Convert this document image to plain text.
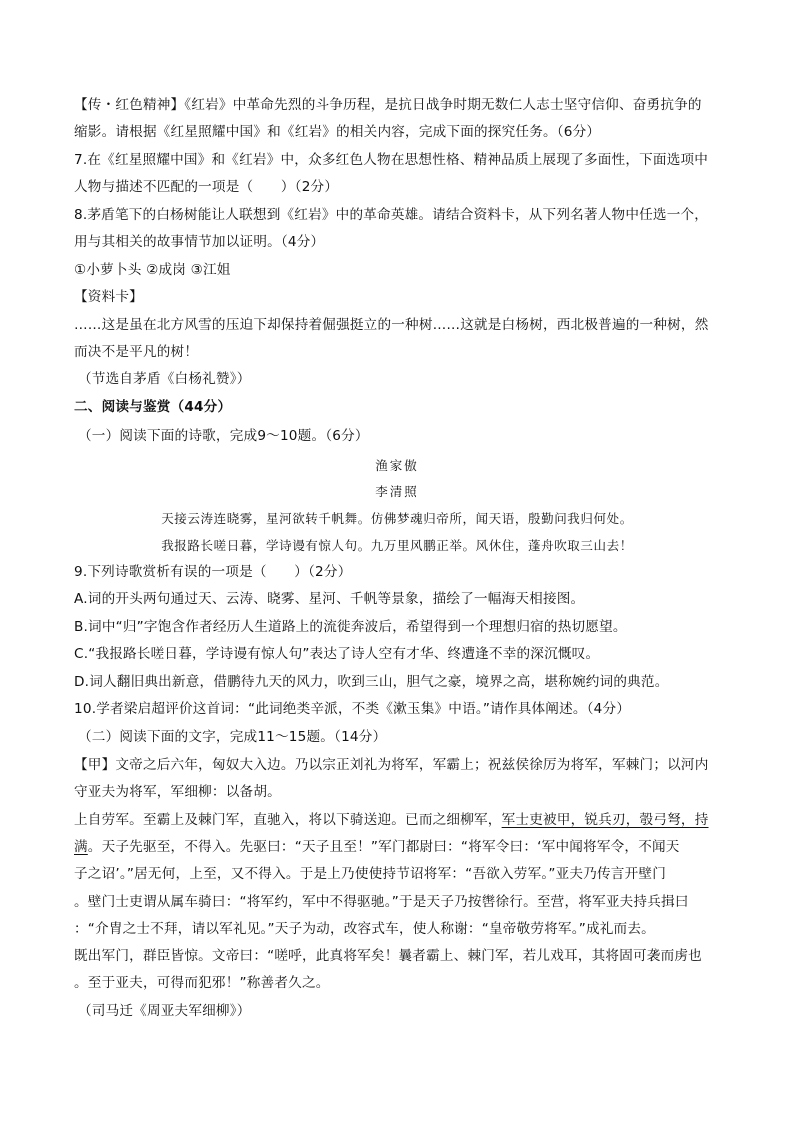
【传・红色精神】《红岩》中革命先烈的斗争历程，是抗日战争时期无数仁人志士坚守信仰、奋勇抗争的
缩影。请根据《红星照耀中国》和《红岩》的相关内容，完成下面的探究任务。（6分）
7.在《红星照耀中国》和《红岩》中，众多红色人物在思想性格、精神品质上展现了多面性，下面选项中
人物与描述不匹配的一项是（　　）（2分）
8.茅盾笔下的白杨树能让人联想到《红岩》中的革命英雄。请结合资料卡，从下列名著人物中任选一个，
用与其相关的故事情节加以证明。（4分）
①小萝卜头 ②成岗 ③江姐
【资料卡】
……这是虽在北方风雪的压迫下却保持着倔强挺立的一种树……这就是白杨树，西北极普遍的一种树，然
而决不是平凡的树！
（节选自茅盾《白杨礼赞》）
二、阅读与鉴赏（44分）
（一）阅读下面的诗歌，完成9～10题。（6分）
渔家傲
李清照
天接云涛连晓雾，星河欲转千帆舞。仿佛梦魂归帝所，闻天语，殷勤问我归何处。
我报路长嗟日暮，学诗谩有惊人句。九万里风鹏正举。风休住，蓬舟吹取三山去！
9.下列诗歌赏析有误的一项是（　　）（2分）
A.词的开头两句通过天、云涛、晓雾、星河、千帆等景象，描绘了一幅海天相接图。
B.词中“归”字饱含作者经历人生道路上的流徙奔波后，希望得到一个理想归宿的热切愿望。
C.“我报路长嗟日暮，学诗谩有惊人句”表达了诗人空有才华、终遭逢不幸的深沉慨叹。
D.词人翻旧典出新意，借鹏待九天的风力，吹到三山，胆气之豪，境界之高，堪称婉约词的典范。
10.学者梁启超评价这首词：“此词绝类辛派，不类《漱玉集》中语。”请作具体阐述。（4分）
（二）阅读下面的文字，完成11～15题。（14分）
【甲】文帝之后六年，匈奴大入边。乃以宗正刘礼为将军，军霸上；祝兹侯徐厉为将军，军棘门；以河内
守亚夫为将军，军细柳：以备胡。
上自劳军。至霸上及棘门军，直驰入，将以下骑送迎。已而之细柳军，军士吏被甲，锐兵刃，彀弓弩，持
满。天子先驱至，不得入。先驱曰：“天子且至！”军门都尉曰：“将军令曰：‘军中闻将军令，不闻天
子之诏’。”居无何，上至，又不得入。于是上乃使使持节诏将军：“吾欲入劳军。”亚夫乃传言开壁门
。壁门士吏谓从属车骑曰：“将军约，军中不得驱驰。”于是天子乃按辔徐行。至营，将军亚夫持兵揖曰
：“介胄之士不拜，请以军礼见。”天子为动，改容式车，使人称谢：“皇帝敬劳将军。”成礼而去。
既出军门，群臣皆惊。文帝曰：“嗟呼，此真将军矣！曩者霸上、棘门军，若儿戏耳，其将固可袭而虏也
。至于亚夫，可得而犯邪！”称善者久之。
（司马迁《周亚夫军细柳》）
